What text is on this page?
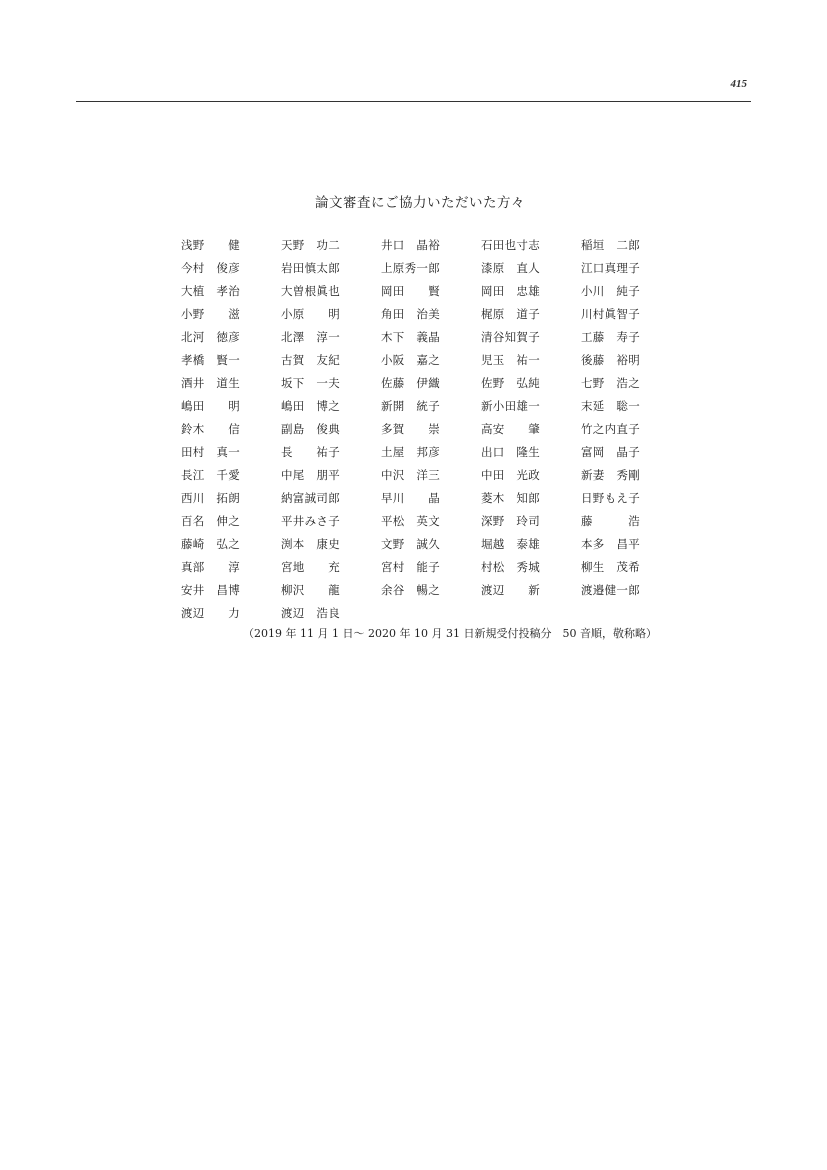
415
論文審査にご協力いただいた方々
浅野　　健	天野　功二	井口　晶裕	石田也寸志	稲垣　二郎
今村　俊彦	岩田慎太郎	上原秀一郎	漆原　直人	江口真理子
大植　孝治	大曽根眞也	岡田　　賢	岡田　忠雄	小川　純子
小野　　滋	小原　　明	角田　治美	梶原　道子	川村眞智子
北河　徳彦	北澤　淳一	木下　義晶	清谷知賀子	工藤　寿子
孝橋　賢一	古賀　友紀	小阪　嘉之	児玉　祐一	後藤　裕明
酒井　道生	坂下　一夫	佐藤　伊織	佐野　弘純	七野　浩之
嶋田　　明	嶋田　博之	新開　統子	新小田雄一	末延　聡一
鈴木　　信	副島　俊典	多賀　　崇	高安　　肇	竹之内直子
田村　真一	長　　祐子	土屋　邦彦	出口　隆生	富岡　晶子
長江　千愛	中尾　朋平	中沢　洋三	中田　光政	新妻　秀剛
西川　拓朗	納富誠司郎	早川　　晶	菱木　知郎	日野もえ子
百名　伸之	平井みさ子	平松　英文	深野　玲司	藤　　　浩
藤崎　弘之	渕本　康史	文野　誠久	堀越　泰雄	本多　昌平
真部　　淳	宮地　　充	宮村　能子	村松　秀城	柳生　茂希
安井　昌博	柳沢　　龍	余谷　暢之	渡辺　　新	渡邉健一郎
渡辺　　力	渡辺　浩良
（2019 年 11 月 1 日～ 2020 年 10 月 31 日新規受付投稿分　50 音順，敬称略）
